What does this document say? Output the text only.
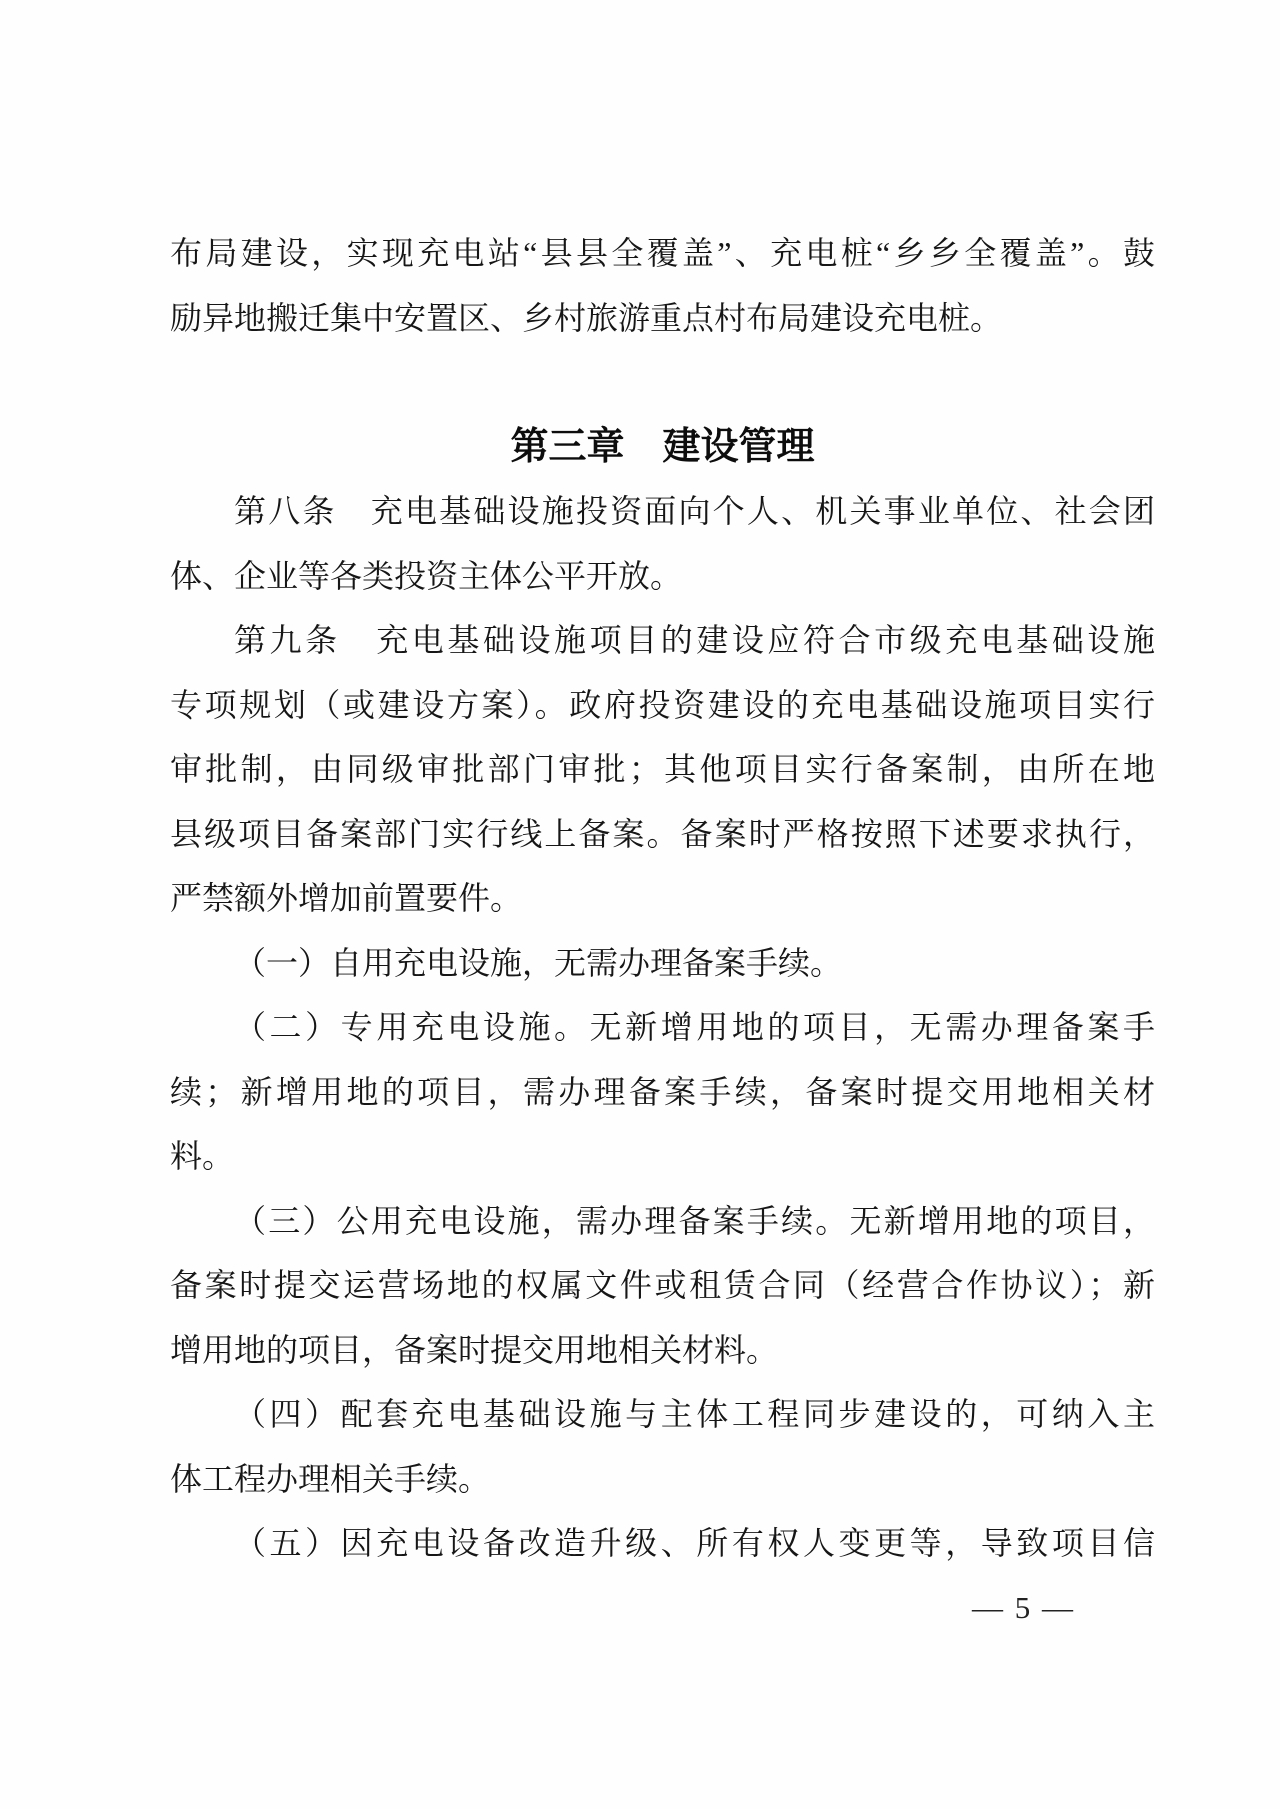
布局建设，实现充电站“县县全覆盖”、充电桩“乡乡全覆盖”。鼓
励异地搬迁集中安置区、乡村旅游重点村布局建设充电桩。
第三章　建设管理
第八条　充电基础设施投资面向个人、机关事业单位、社会团
体、企业等各类投资主体公平开放。
第九条　充电基础设施项目的建设应符合市级充电基础设施
专项规划（或建设方案）。政府投资建设的充电基础设施项目实行
审批制，由同级审批部门审批；其他项目实行备案制，由所在地
县级项目备案部门实行线上备案。备案时严格按照下述要求执行，
严禁额外增加前置要件。
（一）自用充电设施，无需办理备案手续。
（二）专用充电设施。无新增用地的项目，无需办理备案手
续；新增用地的项目，需办理备案手续，备案时提交用地相关材
料。
（三）公用充电设施，需办理备案手续。无新增用地的项目，
备案时提交运营场地的权属文件或租赁合同（经营合作协议）；新
增用地的项目，备案时提交用地相关材料。
（四）配套充电基础设施与主体工程同步建设的，可纳入主
体工程办理相关手续。
（五）因充电设备改造升级、所有权人变更等，导致项目信
— 5 —
